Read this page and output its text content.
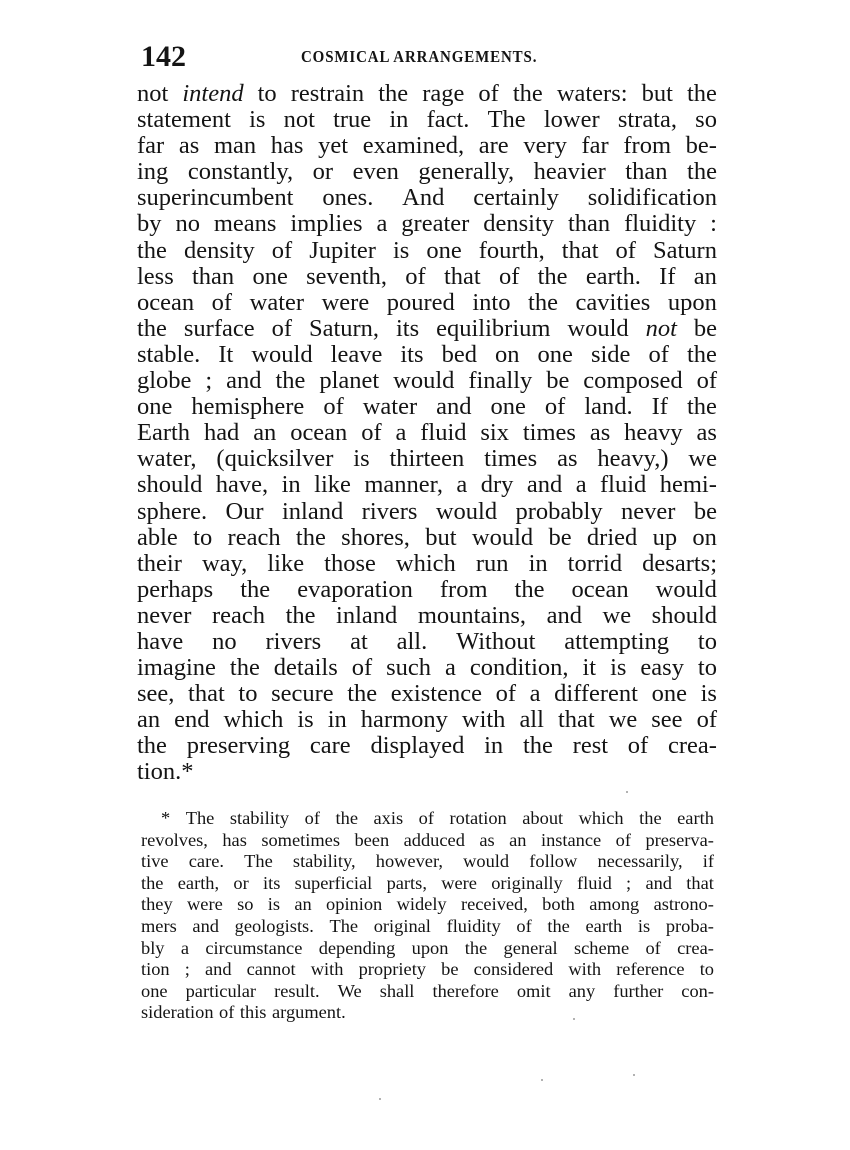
142	COSMICAL ARRANGEMENTS.
not intend to restrain the rage of the waters: but the
statement is not true in fact. The lower strata, so
far as man has yet examined, are very far from be-
ing constantly, or even generally, heavier than the
superincumbent ones. And certainly solidification
by no means implies a greater density than fluidity :
the density of Jupiter is one fourth, that of Saturn
less than one seventh, of that of the earth. If an
ocean of water were poured into the cavities upon
the surface of Saturn, its equilibrium would not be
stable. It would leave its bed on one side of the
globe ; and the planet would finally be composed of
one hemisphere of water and one of land. If the
Earth had an ocean of a fluid six times as heavy as
water, (quicksilver is thirteen times as heavy,) we
should have, in like manner, a dry and a fluid hemi-
sphere. Our inland rivers would probably never be
able to reach the shores, but would be dried up on
their way, like those which run in torrid desarts;
perhaps the evaporation from the ocean would
never reach the inland mountains, and we should
have no rivers at all. Without attempting to
imagine the details of such a condition, it is easy to
see, that to secure the existence of a different one is
an end which is in harmony with all that we see of
the preserving care displayed in the rest of crea-
tion.*
* The stability of the axis of rotation about which the earth
revolves, has sometimes been adduced as an instance of preserva-
tive care. The stability, however, would follow necessarily, if
the earth, or its superficial parts, were originally fluid ; and that
they were so is an opinion widely received, both among astrono-
mers and geologists. The original fluidity of the earth is proba-
bly a circumstance depending upon the general scheme of crea-
tion ; and cannot with propriety be considered with reference to
one particular result. We shall therefore omit any further con-
sideration of this argument.
